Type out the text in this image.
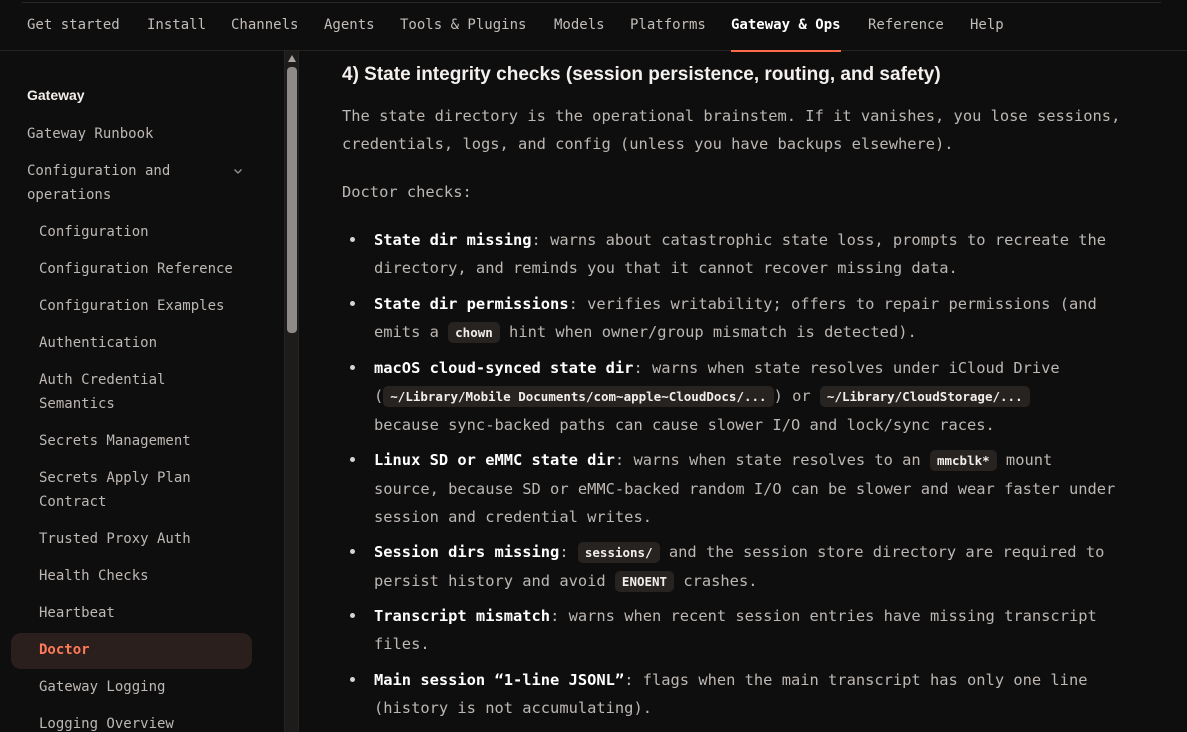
Get started Install Channels Agents Tools & Plugins Models Platforms Gateway & Ops Reference Help
Gateway
Gateway Runbook
Configuration and
operations
Configuration
Configuration Reference
Configuration Examples
Authentication
Auth Credential
Semantics
Secrets Management
Secrets Apply Plan
Contract
Trusted Proxy Auth
Health Checks
Heartbeat
Doctor
Gateway Logging
Logging Overview
4) State integrity checks (session persistence, routing, and safety)
The state directory is the operational brainstem. If it vanishes, you lose sessions,
credentials, logs, and config (unless you have backups elsewhere).
Doctor checks:
State dir missing: warns about catastrophic state loss, prompts to recreate the
directory, and reminds you that it cannot recover missing data.
State dir permissions: verifies writability; offers to repair permissions (and
emits a chown hint when owner/group mismatch is detected).
macOS cloud-synced state dir: warns when state resolves under iCloud Drive
( ~/Library/Mobile Documents/com~apple~CloudDocs/... ) or ~/Library/CloudStorage/...
because sync-backed paths can cause slower I/O and lock/sync races.
Linux SD or eMMC state dir: warns when state resolves to an mmcblk* mount
source, because SD or eMMC-backed random I/O can be slower and wear faster under
session and credential writes.
Session dirs missing: sessions/ and the session store directory are required to
persist history and avoid ENOENT crashes.
Transcript mismatch: warns when recent session entries have missing transcript
files.
Main session “1-line JSONL”: flags when the main transcript has only one line
(history is not accumulating).
